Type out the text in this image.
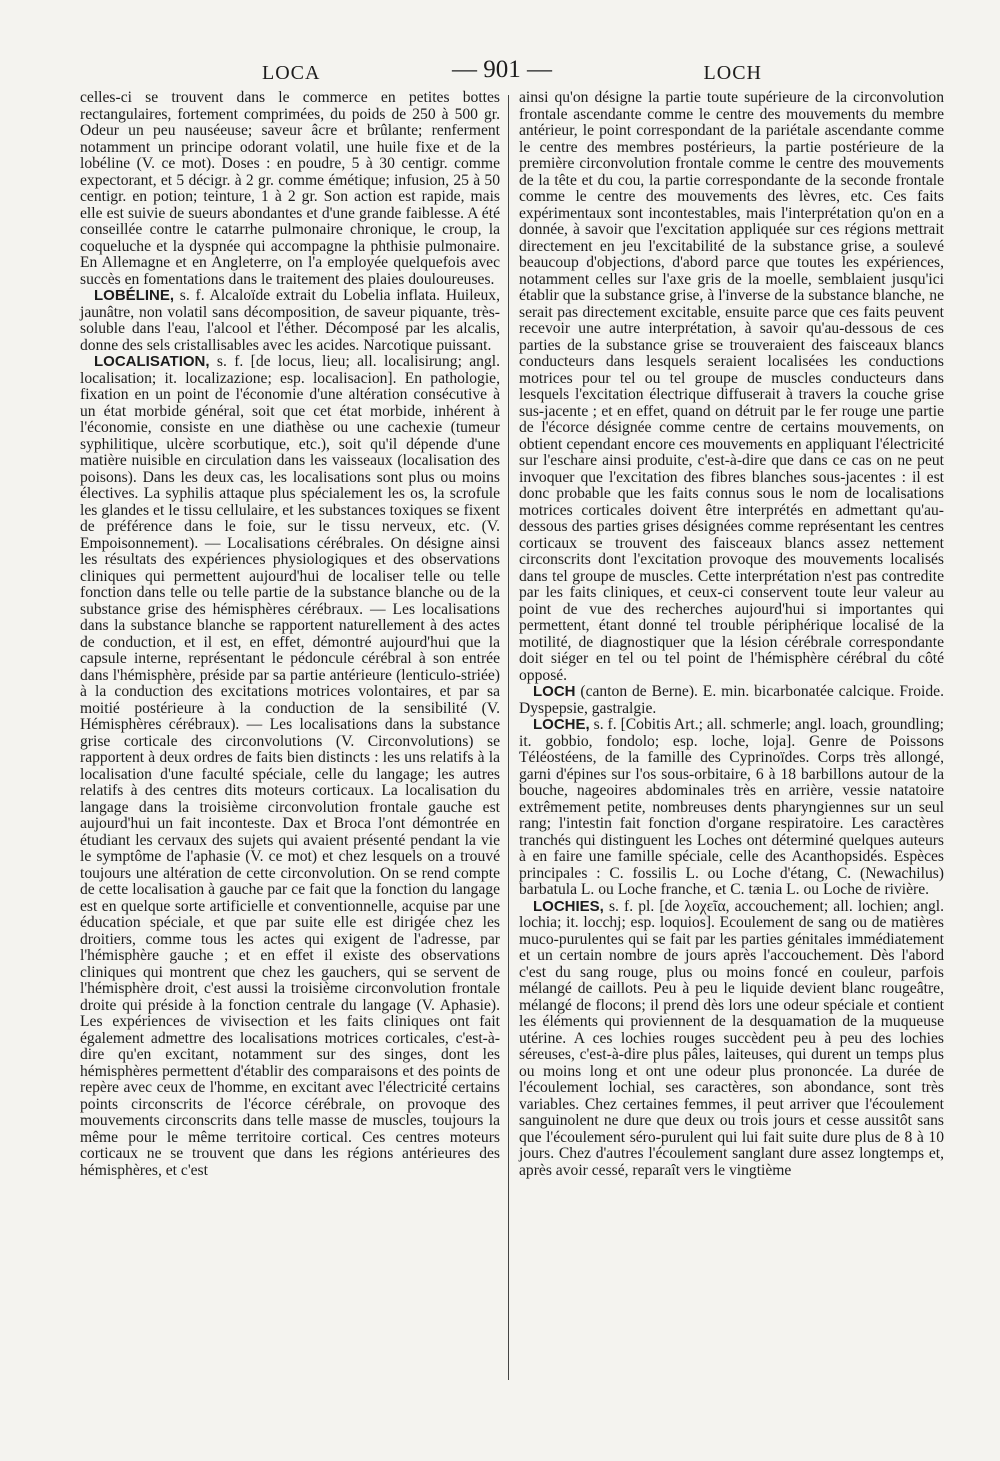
LOCA	— 901 —	LOCH

celles-ci se trouvent dans le commerce en petites bottes rectangulaires, fortement comprimées, du poids de 250 à 500 gr. Odeur un peu nauséeuse; saveur âcre et brûlante; renferment notamment un principe odorant volatil, une huile fixe et de la lobéline (V. ce mot). Doses : en poudre, 5 à 30 centigr. comme expectorant, et 5 décigr. à 2 gr. comme émétique; infusion, 25 à 50 centigr. en potion; teinture, 1 à 2 gr. Son action est rapide, mais elle est suivie de sueurs abondantes et d'une grande faiblesse. A été conseillée contre le catarrhe pulmonaire chronique, le croup, la coqueluche et la dyspnée qui accompagne la phthisie pulmonaire. En Allemagne et en Angleterre, on l'a employée quelquefois avec succès en fomentations dans le traitement des plaies douloureuses.

LOBÉLINE, s. f. Alcaloïde extrait du Lobelia inflata. Huileux, jaunâtre, non volatil sans décomposition, de saveur piquante, très-soluble dans l'eau, l'alcool et l'éther. Décomposé par les alcalis, donne des sels cristallisables avec les acides. Narcotique puissant.

LOCALISATION, s. f. [de locus, lieu; all. localisirung; angl. localisation; it. localizazione; esp. localisacion]. En pathologie, fixation en un point de l'économie d'une altération consécutive à un état morbide général, soit que cet état morbide, inhérent à l'économie, consiste en une diathèse ou une cachexie (tumeur syphilitique, ulcère scorbutique, etc.), soit qu'il dépende d'une matière nuisible en circulation dans les vaisseaux (localisation des poisons). Dans les deux cas, les localisations sont plus ou moins électives. La syphilis attaque plus spécialement les os, la scrofule les glandes et le tissu cellulaire, et les substances toxiques se fixent de préférence dans le foie, sur le tissu nerveux, etc. (V. Empoisonnement). — Localisations cérébrales. On désigne ainsi les résultats des expériences physiologiques et des observations cliniques qui permettent aujourd'hui de localiser telle ou telle fonction dans telle ou telle partie de la substance blanche ou de la substance grise des hémisphères cérébraux. — Les localisations dans la substance blanche se rapportent naturellement à des actes de conduction, et il est, en effet, démontré aujourd'hui que la capsule interne, représentant le pédoncule cérébral à son entrée dans l'hémisphère, préside par sa partie antérieure (lenticulo-striée) à la conduction des excitations motrices volontaires, et par sa moitié postérieure à la conduction de la sensibilité (V. Hémisphères cérébraux). — Les localisations dans la substance grise corticale des circonvolutions (V. Circonvolutions) se rapportent à deux ordres de faits bien distincts : les uns relatifs à la localisation d'une faculté spéciale, celle du langage; les autres relatifs à des centres dits moteurs corticaux. La localisation du langage dans la troisième circonvolution frontale gauche est aujourd'hui un fait inconteste. Dax et Broca l'ont démontrée en étudiant les cervaux des sujets qui avaient présenté pendant la vie le symptôme de l'aphasie (V. ce mot) et chez lesquels on a trouvé toujours une altération de cette circonvolution. On se rend compte de cette localisation à gauche par ce fait que la fonction du langage est en quelque sorte artificielle et conventionnelle, acquise par une éducation spéciale, et que par suite elle est dirigée chez les droitiers, comme tous les actes qui exigent de l'adresse, par l'hémisphère gauche ; et en effet il existe des observations cliniques qui montrent que chez les gauchers, qui se servent de l'hémisphère droit, c'est aussi la troisième circonvolution frontale droite qui préside à la fonction centrale du langage (V. Aphasie). Les expériences de vivisection et les faits cliniques ont fait également admettre des localisations motrices corticales, c'est-à-dire qu'en excitant, notamment sur des singes, dont les hémisphères permettent d'établir des comparaisons et des points de repère avec ceux de l'homme, en excitant avec l'électricité certains points circonscrits de l'écorce cérébrale, on provoque des mouvements circonscrits dans telle masse de muscles, toujours la même pour le même territoire cortical. Ces centres moteurs corticaux ne se trouvent que dans les régions antérieures des hémisphères, et c'est

ainsi qu'on désigne la partie toute supérieure de la circonvolution frontale ascendante comme le centre des mouvements du membre antérieur, le point correspondant de la pariétale ascendante comme le centre des membres postérieurs, la partie postérieure de la première circonvolution frontale comme le centre des mouvements de la tête et du cou, la partie correspondante de la seconde frontale comme le centre des mouvements des lèvres, etc. Ces faits expérimentaux sont incontestables, mais l'interprétation qu'on en a donnée, à savoir que l'excitation appliquée sur ces régions mettrait directement en jeu l'excitabilité de la substance grise, a soulevé beaucoup d'objections, d'abord parce que toutes les expériences, notamment celles sur l'axe gris de la moelle, semblaient jusqu'ici établir que la substance grise, à l'inverse de la substance blanche, ne serait pas directement excitable, ensuite parce que ces faits peuvent recevoir une autre interprétation, à savoir qu'au-dessous de ces parties de la substance grise se trouveraient des faisceaux blancs conducteurs dans lesquels seraient localisées les conductions motrices pour tel ou tel groupe de muscles conducteurs dans lesquels l'excitation électrique diffuserait à travers la couche grise sus-jacente ; et en effet, quand on détruit par le fer rouge une partie de l'écorce désignée comme centre de certains mouvements, on obtient cependant encore ces mouvements en appliquant l'électricité sur l'eschare ainsi produite, c'est-à-dire que dans ce cas on ne peut invoquer que l'excitation des fibres blanches sous-jacentes : il est donc probable que les faits connus sous le nom de localisations motrices corticales doivent être interprétés en admettant qu'au-dessous des parties grises désignées comme représentant les centres corticaux se trouvent des faisceaux blancs assez nettement circonscrits dont l'excitation provoque des mouvements localisés dans tel groupe de muscles. Cette interprétation n'est pas contredite par les faits cliniques, et ceux-ci conservent toute leur valeur au point de vue des recherches aujourd'hui si importantes qui permettent, étant donné tel trouble périphérique localisé de la motilité, de diagnostiquer que la lésion cérébrale correspondante doit siéger en tel ou tel point de l'hémisphère cérébral du côté opposé.

LOCH (canton de Berne). E. min. bicarbonatée calcique. Froide. Dyspepsie, gastralgie.

LOCHE, s. f. [Cobitis Art.; all. schmerle; angl. loach, groundling; it. gobbio, fondolo; esp. loche, loja]. Genre de Poissons Téléostéens, de la famille des Cyprinoïdes. Corps très allongé, garni d'épines sur l'os sous-orbitaire, 6 à 18 barbillons autour de la bouche, nageoires abdominales très en arrière, vessie natatoire extrêmement petite, nombreuses dents pharyngiennes sur un seul rang; l'intestin fait fonction d'organe respiratoire. Les caractères tranchés qui distinguent les Loches ont déterminé quelques auteurs à en faire une famille spéciale, celle des Acanthopsidés. Espèces principales : C. fossilis L. ou Loche d'étang, C. (Newachilus) barbatula L. ou Loche franche, et C. tænia L. ou Loche de rivière.

LOCHIES, s. f. pl. [de λοχεῖα, accouchement; all. lochien; angl. lochia; it. locchj; esp. loquios]. Ecoulement de sang ou de matières muco-purulentes qui se fait par les parties génitales immédiatement et un certain nombre de jours après l'accouchement. Dès l'abord c'est du sang rouge, plus ou moins foncé en couleur, parfois mélangé de caillots. Peu à peu le liquide devient blanc rougeâtre, mélangé de flocons; il prend dès lors une odeur spéciale et contient les éléments qui proviennent de la desquamation de la muqueuse utérine. A ces lochies rouges succèdent peu à peu des lochies séreuses, c'est-à-dire plus pâles, laiteuses, qui durent un temps plus ou moins long et ont une odeur plus prononcée. La durée de l'écoulement lochial, ses caractères, son abondance, sont très variables. Chez certaines femmes, il peut arriver que l'écoulement sanguinolent ne dure que deux ou trois jours et cesse aussitôt sans que l'écoulement séro-purulent qui lui fait suite dure plus de 8 à 10 jours. Chez d'autres l'écoulement sanglant dure assez longtemps et, après avoir cessé, reparaît vers le vingtième
